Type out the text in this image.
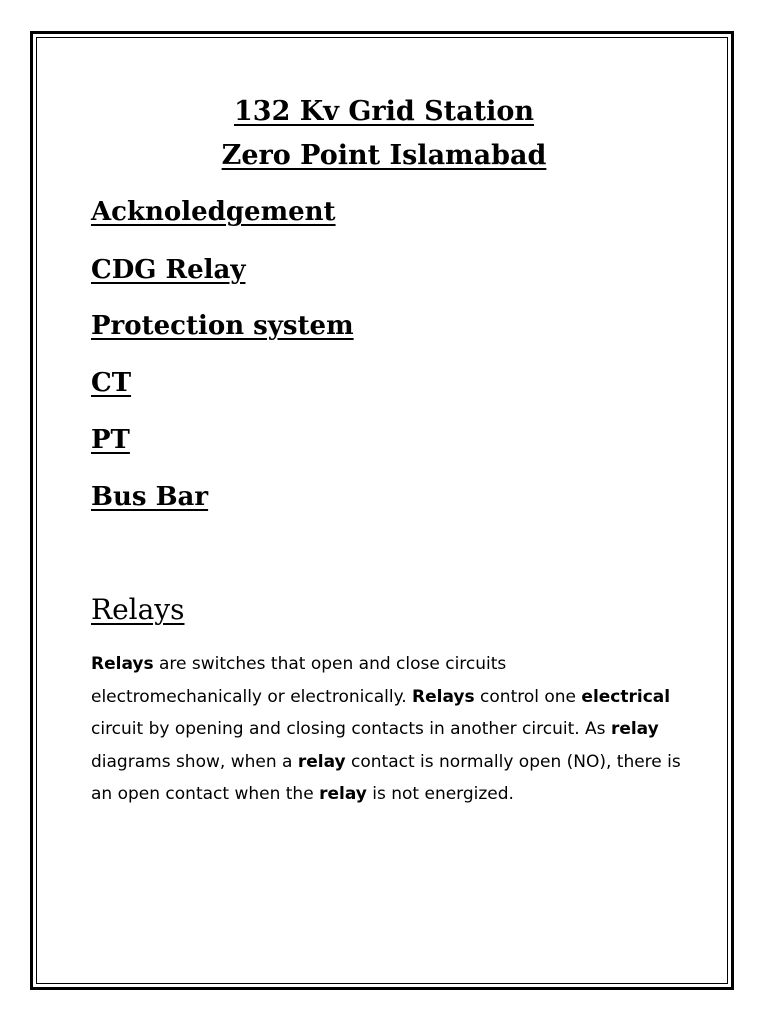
132 Kv Grid Station
Zero Point Islamabad
Acknoledgement
CDG Relay
Protection system
CT
PT
Bus Bar
Relays
Relays are switches that open and close circuits electromechanically or electronically. Relays control one electrical circuit by opening and closing contacts in another circuit. As relay diagrams show, when a relay contact is normally open (NO), there is an open contact when the relay is not energized.
